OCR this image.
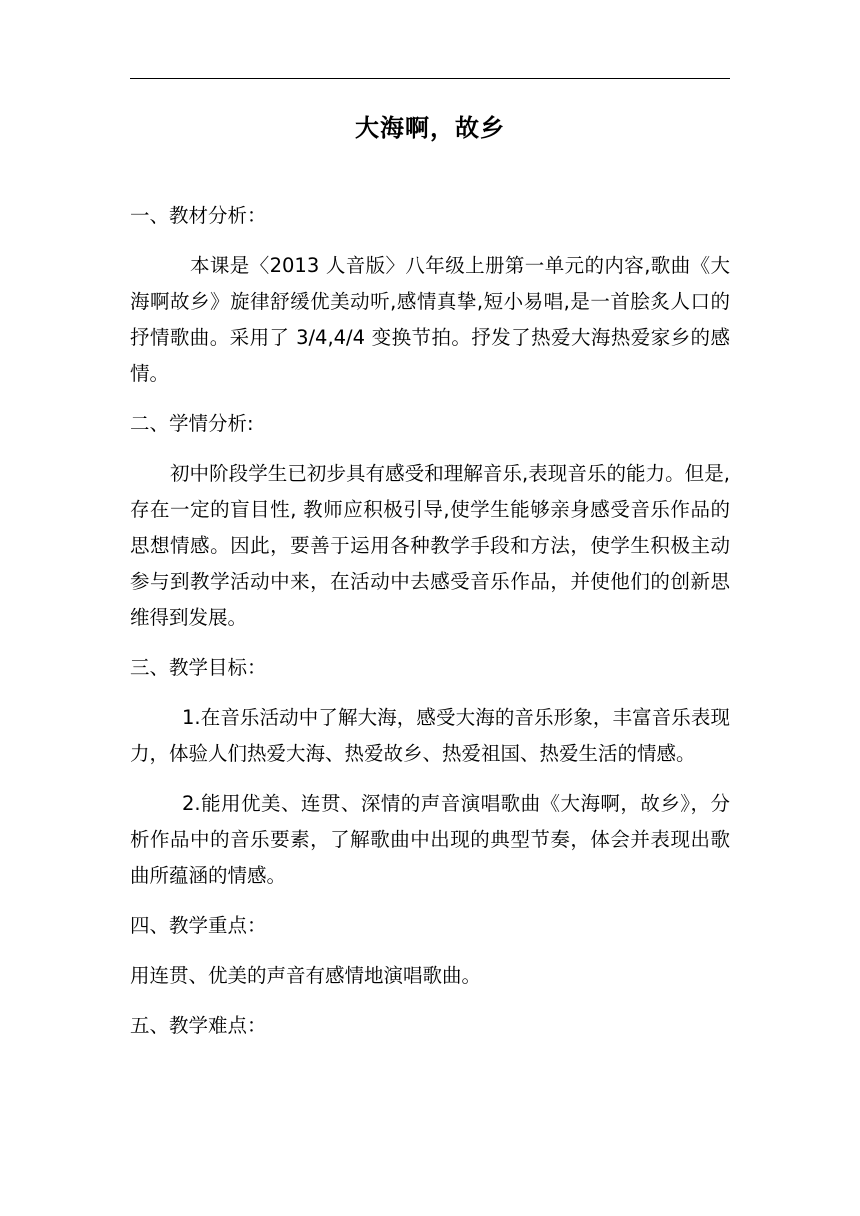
大海啊，故乡

一、教材分析：

本课是〈2013 人音版〉八年级上册第一单元的内容,歌曲《大海啊故乡》旋律舒缓优美动听,感情真挚,短小易唱,是一首脍炙人口的抒情歌曲。采用了 3/4,4/4 变换节拍。抒发了热爱大海热爱家乡的感情。

二、学情分析:

初中阶段学生已初步具有感受和理解音乐,表现音乐的能力。但是,存在一定的盲目性, 教师应积极引导,使学生能够亲身感受音乐作品的思想情感。因此，要善于运用各种教学手段和方法，使学生积极主动参与到教学活动中来，在活动中去感受音乐作品，并使他们的创新思维得到发展。

三、教学目标：

1.在音乐活动中了解大海，感受大海的音乐形象，丰富音乐表现力，体验人们热爱大海、热爱故乡、热爱祖国、热爱生活的情感。

2.能用优美、连贯、深情的声音演唱歌曲《大海啊，故乡》，分析作品中的音乐要素，了解歌曲中出现的典型节奏，体会并表现出歌曲所蕴涵的情感。

四、教学重点：

用连贯、优美的声音有感情地演唱歌曲。

五、教学难点：
